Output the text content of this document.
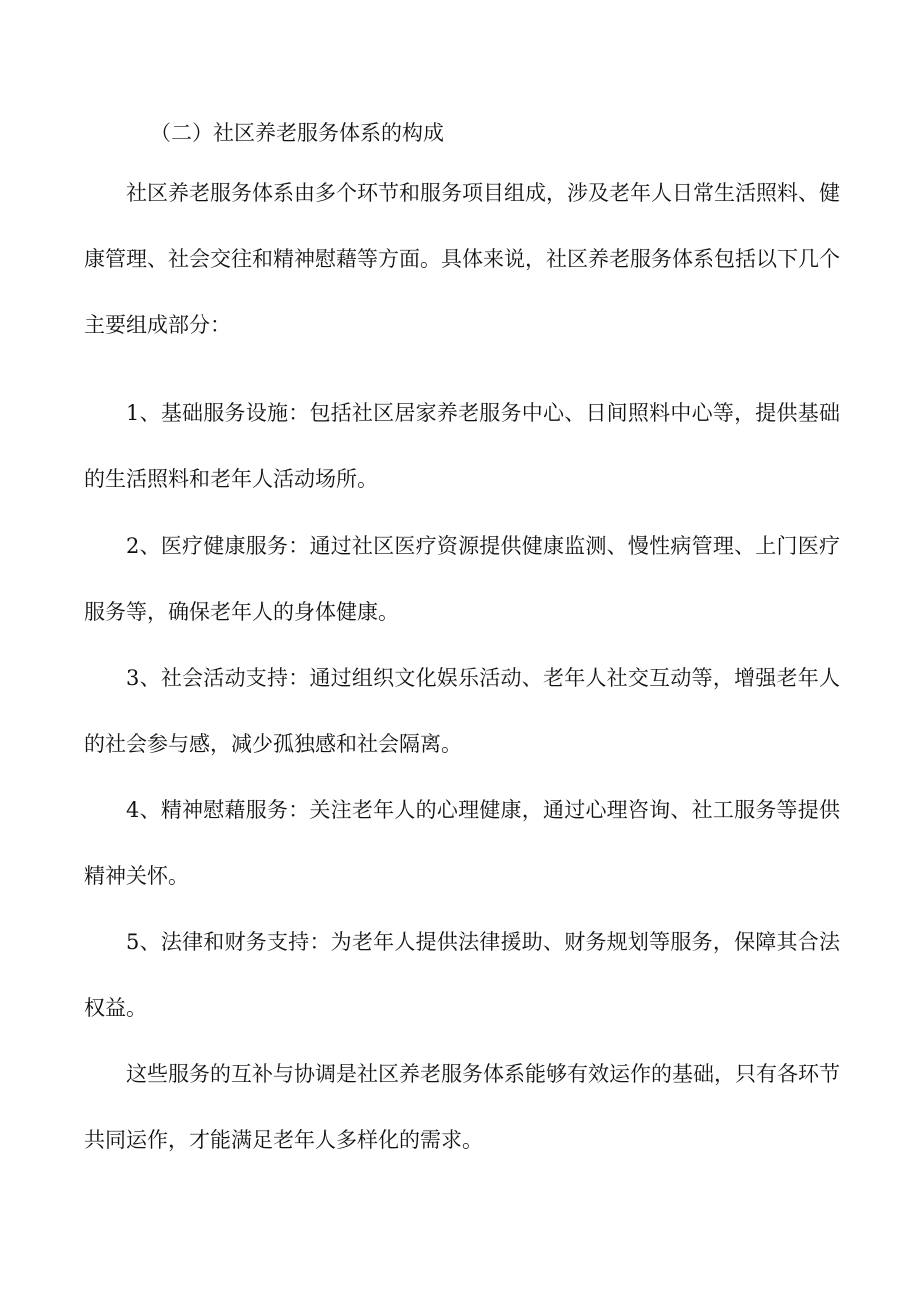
（二）社区养老服务体系的构成

社区养老服务体系由多个环节和服务项目组成，涉及老年人日常生活照料、健康管理、社会交往和精神慰藉等方面。具体来说，社区养老服务体系包括以下几个主要组成部分：

1、基础服务设施：包括社区居家养老服务中心、日间照料中心等，提供基础的生活照料和老年人活动场所。

2、医疗健康服务：通过社区医疗资源提供健康监测、慢性病管理、上门医疗服务等，确保老年人的身体健康。

3、社会活动支持：通过组织文化娱乐活动、老年人社交互动等，增强老年人的社会参与感，减少孤独感和社会隔离。

4、精神慰藉服务：关注老年人的心理健康，通过心理咨询、社工服务等提供精神关怀。

5、法律和财务支持：为老年人提供法律援助、财务规划等服务，保障其合法权益。

这些服务的互补与协调是社区养老服务体系能够有效运作的基础，只有各环节共同运作，才能满足老年人多样化的需求。
